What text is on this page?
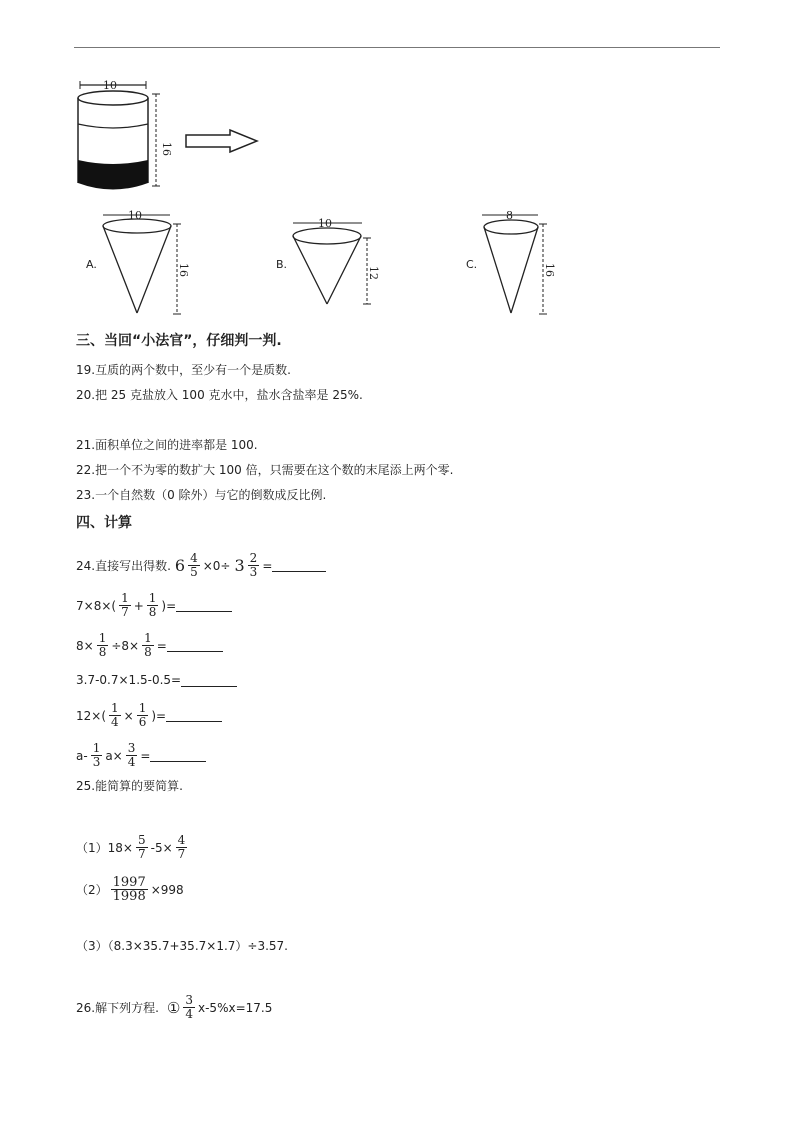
10
16
A.
10
16	B.
10
12
C.
8
16
三、当回“小法官”，仔细判一判.
19.互质的两个数中，至少有一个是质数.
20.把 25 克盐放入 100 克水中，盐水含盐率是 25%.
21.面积单位之间的进率都是 100.
22.把一个不为零的数扩大 100 倍，只需要在这个数的末尾添上两个零.
23.一个自然数（0 除外）与它的倒数成反比例.
四、计算
24.直接写出得数. $6 \frac{4}{5} \times 0\div 3 \frac{2}{3}$ =
$7\times 8\times( \frac{1}{7} + \frac{1}{8}$ )=
$8\times \frac{1}{8} \div 8\times \frac{1}{8}$ =
3.7-0.7×1.5-0.5=
$12\times( \frac{1}{4} \times \frac{1}{6}$ )=
$a- \frac{1}{3} a\times \frac{3}{4}$ =
25.能简算的要简算.
（1） $18\times \frac{5}{7} -5\times \frac{4}{7}$
$(2) \frac{1997}{1998} \times 998$
（3）（8.3×35.7+35.7×1.7）÷3.57.
26.解下列方程. ① $\frac{3}{4} x-5\%x=17.5$
